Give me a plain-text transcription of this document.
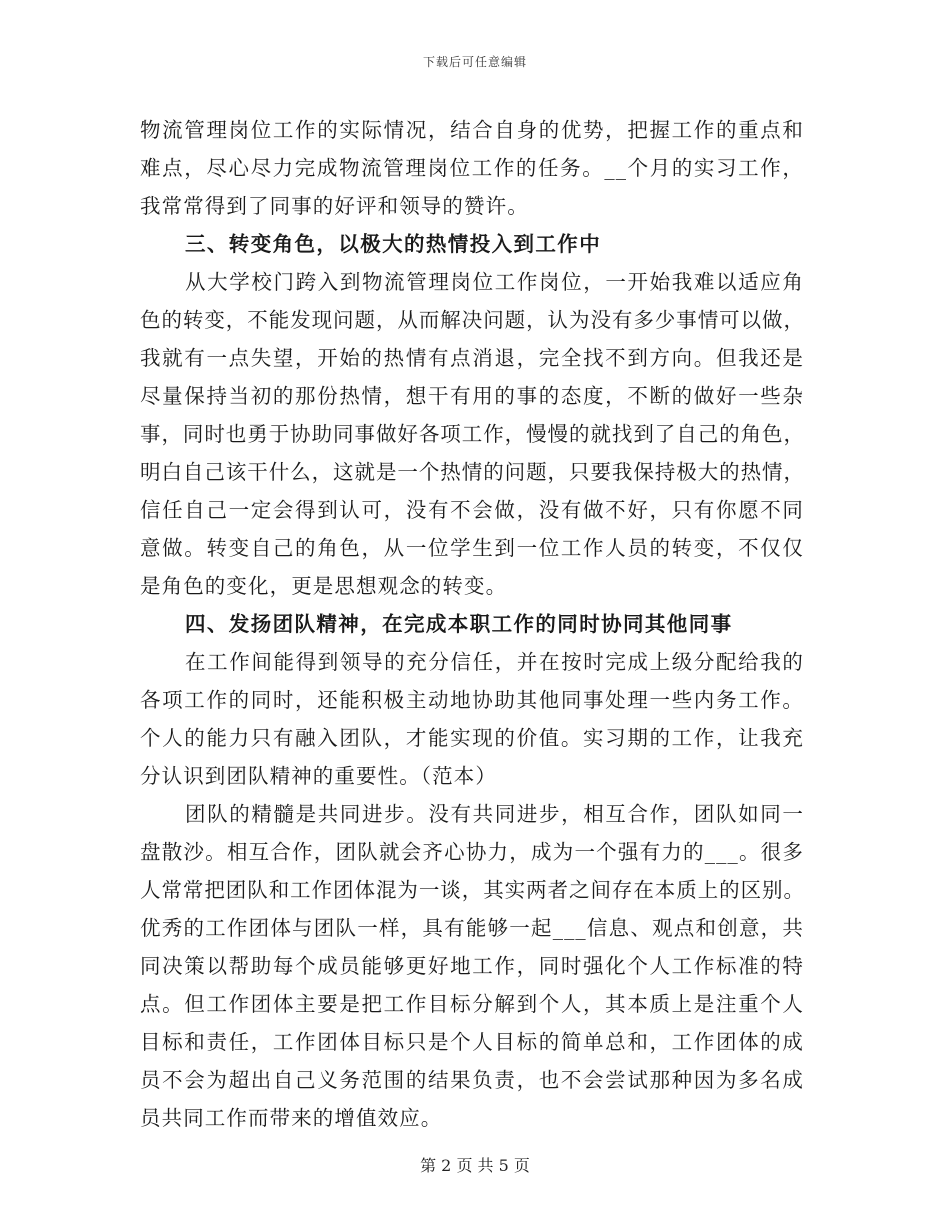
下载后可任意编辑
物流管理岗位工作的实际情况，结合自身的优势，把握工作的重点和
难点，尽心尽力完成物流管理岗位工作的任务。__个月的实习工作，
我常常得到了同事的好评和领导的赞许。
三、转变角色，以极大的热情投入到工作中
从大学校门跨入到物流管理岗位工作岗位，一开始我难以适应角
色的转变，不能发现问题，从而解决问题，认为没有多少事情可以做，
我就有一点失望，开始的热情有点消退，完全找不到方向。但我还是
尽量保持当初的那份热情，想干有用的事的态度，不断的做好一些杂
事，同时也勇于协助同事做好各项工作，慢慢的就找到了自己的角色，
明白自己该干什么，这就是一个热情的问题，只要我保持极大的热情，
信任自己一定会得到认可，没有不会做，没有做不好，只有你愿不同
意做。转变自己的角色，从一位学生到一位工作人员的转变，不仅仅
是角色的变化，更是思想观念的转变。
四、发扬团队精神，在完成本职工作的同时协同其他同事
在工作间能得到领导的充分信任，并在按时完成上级分配给我的
各项工作的同时，还能积极主动地协助其他同事处理一些内务工作。
个人的能力只有融入团队，才能实现的价值。实习期的工作，让我充
分认识到团队精神的重要性。（范本）
团队的精髓是共同进步。没有共同进步，相互合作，团队如同一
盘散沙。相互合作，团队就会齐心协力，成为一个强有力的___。很多
人常常把团队和工作团体混为一谈，其实两者之间存在本质上的区别。
优秀的工作团体与团队一样，具有能够一起___信息、观点和创意，共
同决策以帮助每个成员能够更好地工作，同时强化个人工作标准的特
点。但工作团体主要是把工作目标分解到个人，其本质上是注重个人
目标和责任，工作团体目标只是个人目标的简单总和，工作团体的成
员不会为超出自己义务范围的结果负责，也不会尝试那种因为多名成
员共同工作而带来的增值效应。
第 2 页 共 5 页
